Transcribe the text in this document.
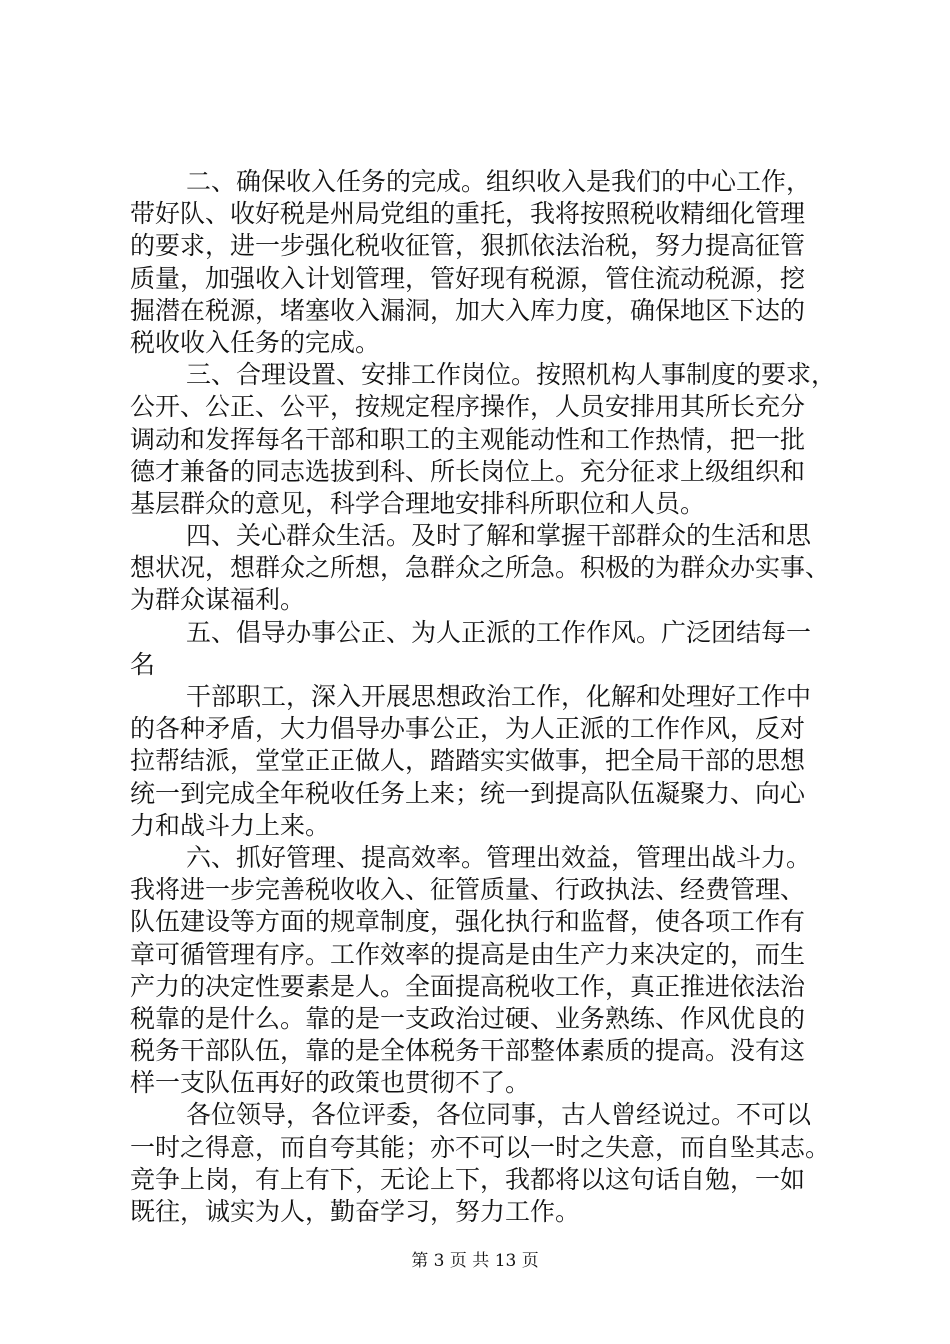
二、确保收入任务的完成。组织收入是我们的中心工作，
带好队、收好税是州局党组的重托，我将按照税收精细化管理
的要求，进一步强化税收征管，狠抓依法治税，努力提高征管
质量，加强收入计划管理，管好现有税源，管住流动税源，挖
掘潜在税源，堵塞收入漏洞，加大入库力度，确保地区下达的
税收收入任务的完成。
三、合理设置、安排工作岗位。按照机构人事制度的要求，
公开、公正、公平，按规定程序操作，人员安排用其所长充分
调动和发挥每名干部和职工的主观能动性和工作热情，把一批
德才兼备的同志选拔到科、所长岗位上。充分征求上级组织和
基层群众的意见，科学合理地安排科所职位和人员。
四、关心群众生活。及时了解和掌握干部群众的生活和思
想状况，想群众之所想，急群众之所急。积极的为群众办实事、
为群众谋福利。
五、倡导办事公正、为人正派的工作作风。广泛团结每一
名
干部职工，深入开展思想政治工作，化解和处理好工作中
的各种矛盾，大力倡导办事公正，为人正派的工作作风，反对
拉帮结派，堂堂正正做人，踏踏实实做事，把全局干部的思想
统一到完成全年税收任务上来；统一到提高队伍凝聚力、向心
力和战斗力上来。
六、抓好管理、提高效率。管理出效益，管理出战斗力。
我将进一步完善税收收入、征管质量、行政执法、经费管理、
队伍建设等方面的规章制度，强化执行和监督，使各项工作有
章可循管理有序。工作效率的提高是由生产力来决定的，而生
产力的决定性要素是人。全面提高税收工作，真正推进依法治
税靠的是什么。靠的是一支政治过硬、业务熟练、作风优良的
税务干部队伍，靠的是全体税务干部整体素质的提高。没有这
样一支队伍再好的政策也贯彻不了。
各位领导，各位评委，各位同事，古人曾经说过。不可以
一时之得意，而自夸其能；亦不可以一时之失意，而自坠其志。
竞争上岗，有上有下，无论上下，我都将以这句话自勉，一如
既往，诚实为人，勤奋学习，努力工作。
第 3 页 共 13 页
